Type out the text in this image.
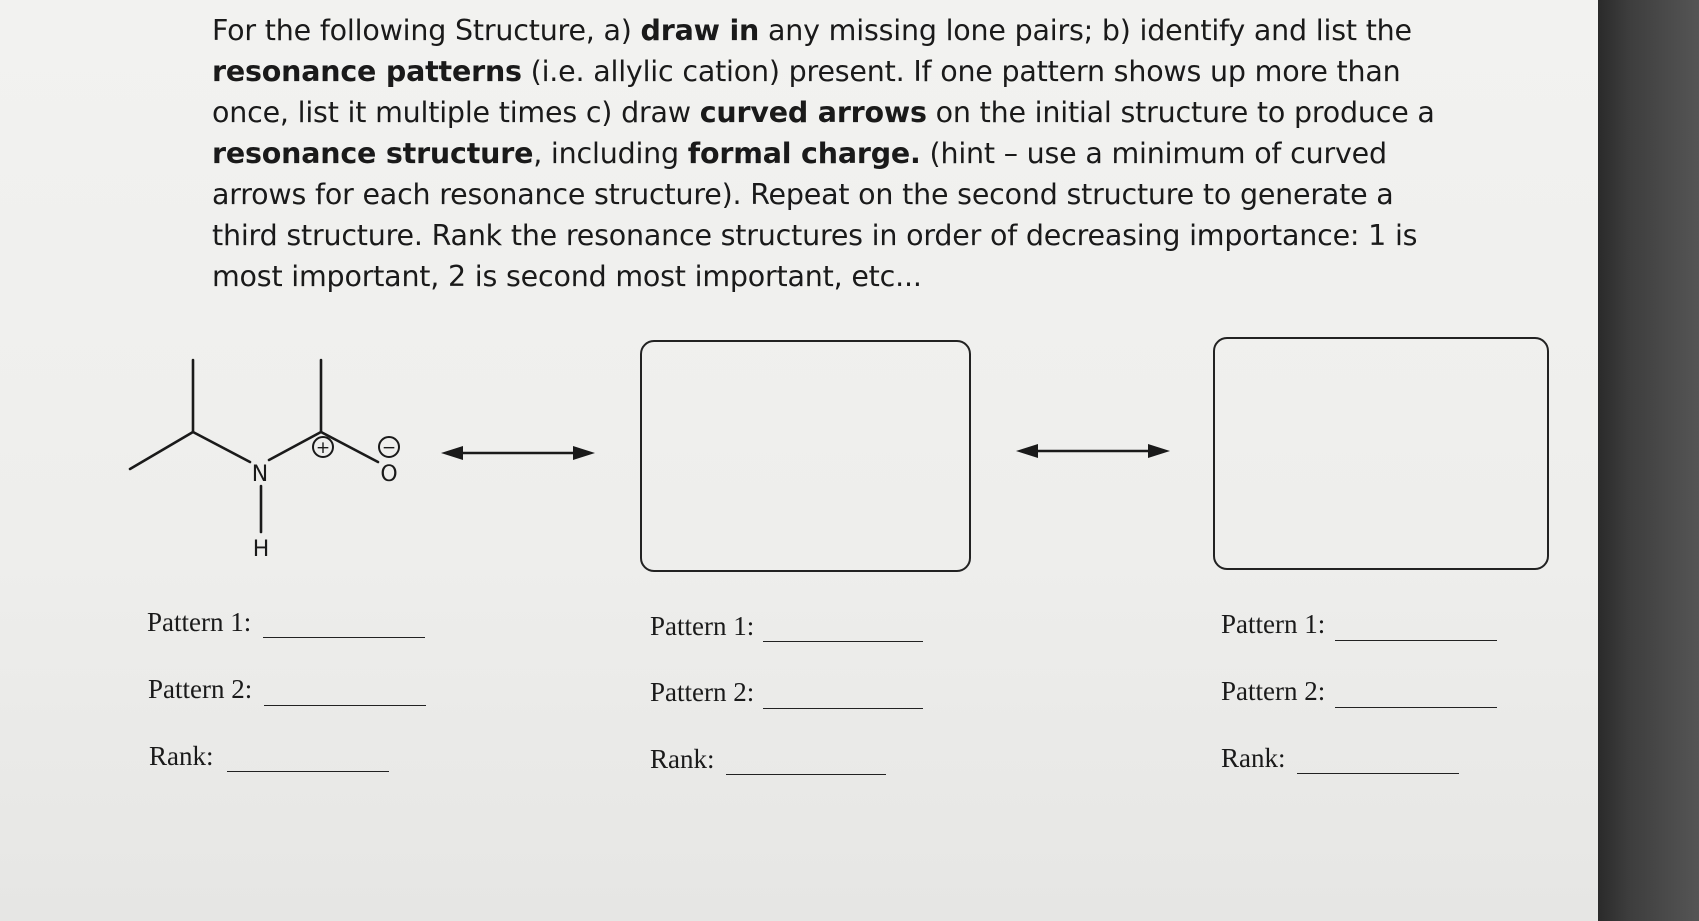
For the following Structure, a) draw in any missing lone pairs; b) identify and list the resonance patterns (i.e. allylic cation) present. If one pattern shows up more than once, list it multiple times c) draw curved arrows on the initial structure to produce a resonance structure, including formal charge. (hint – use a minimum of curved arrows for each resonance structure). Repeat on the second structure to generate a third structure. Rank the resonance structures in order of decreasing importance: 1 is most important, 2 is second most important, etc...

N
H
O
+	−
Pattern 1:
Pattern 2:
Rank:
Pattern 1:
Pattern 2:
Rank:
Pattern 1:
Pattern 2:
Rank:
